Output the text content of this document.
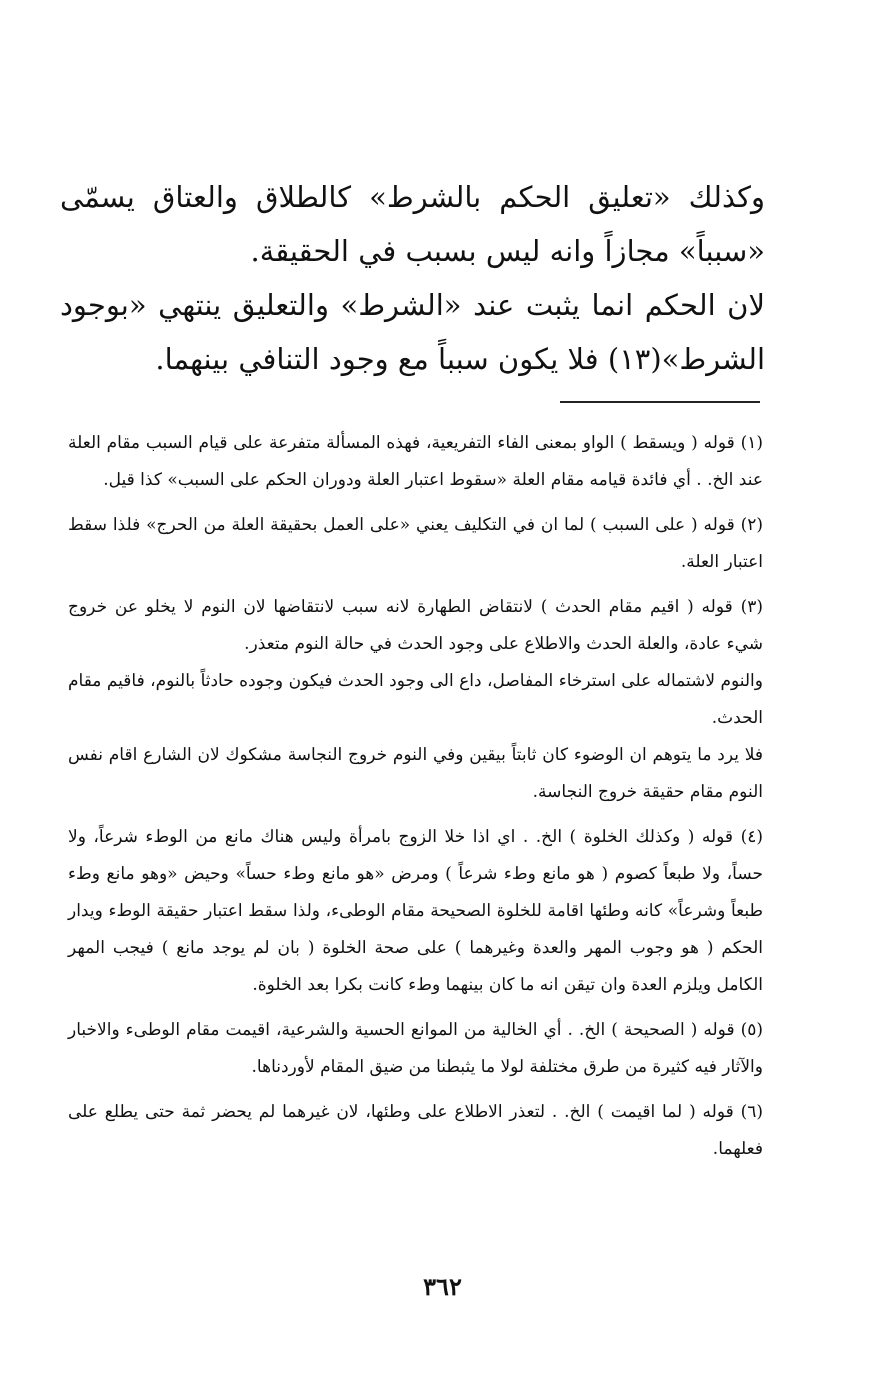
وكذلك «تعليق الحكم بالشرط» كالطلاق والعتاق يسمّى «سبباً» مجازاً وانه ليس بسبب في الحقيقة.

لان الحكم انما يثبت عند «الشرط» والتعليق ينتهي «بوجود الشرط»(١٣) فلا يكون سبباً مع وجود التنافي بينهما.

(١) قوله ( ويسقط ) الواو بمعنى الفاء التفريعية، فهذه المسألة متفرعة على قيام السبب مقام العلة عند الخ. . أي فائدة قيامه مقام العلة «سقوط اعتبار العلة ودوران الحكم على السبب» كذا قيل.

(٢) قوله ( على السبب ) لما ان في التكليف يعني «على العمل بحقيقة العلة من الحرج» فلذا سقط اعتبار العلة.

(٣) قوله ( اقيم مقام الحدث ) لانتقاض الطهارة لانه سبب لانتقاضها لان النوم لا يخلو عن خروج شيء عادة، والعلة الحدث والاطلاع على وجود الحدث في حالة النوم متعذر.

والنوم لاشتماله على استرخاء المفاصل، داع الى وجود الحدث فيكون وجوده حادثاً بالنوم، فاقيم مقام الحدث.

فلا يرد ما يتوهم ان الوضوء كان ثابتاً بيقين وفي النوم خروج النجاسة مشكوك لان الشارع اقام نفس النوم مقام حقيقة خروج النجاسة.

(٤) قوله ( وكذلك الخلوة ) الخ. . اي اذا خلا الزوج بامرأة وليس هناك مانع من الوطء شرعاً، ولا حساً، ولا طبعاً كصوم ( هو مانع وطء شرعاً ) ومرض «هو مانع وطء حساً» وحيض «وهو مانع وطء طبعاً وشرعاً» كانه وطئها اقامة للخلوة الصحيحة مقام الوطىء، ولذا سقط اعتبار حقيقة الوطء ويدار الحكم ( هو وجوب المهر والعدة وغيرهما ) على صحة الخلوة ( بان لم يوجد مانع ) فيجب المهر الكامل ويلزم العدة وان تيقن انه ما كان بينهما وطء كانت بكرا بعد الخلوة.

(٥) قوله ( الصحيحة ) الخ. . أي الخالية من الموانع الحسية والشرعية، اقيمت مقام الوطىء والاخبار والآثار فيه كثيرة من طرق مختلفة لولا ما يثبطنا من ضيق المقام لأوردناها.

(٦) قوله ( لما اقيمت ) الخ. . لتعذر الاطلاع على وطئها، لان غيرهما لم يحضر ثمة حتى يطلع على فعلهما.

٣٦٢
